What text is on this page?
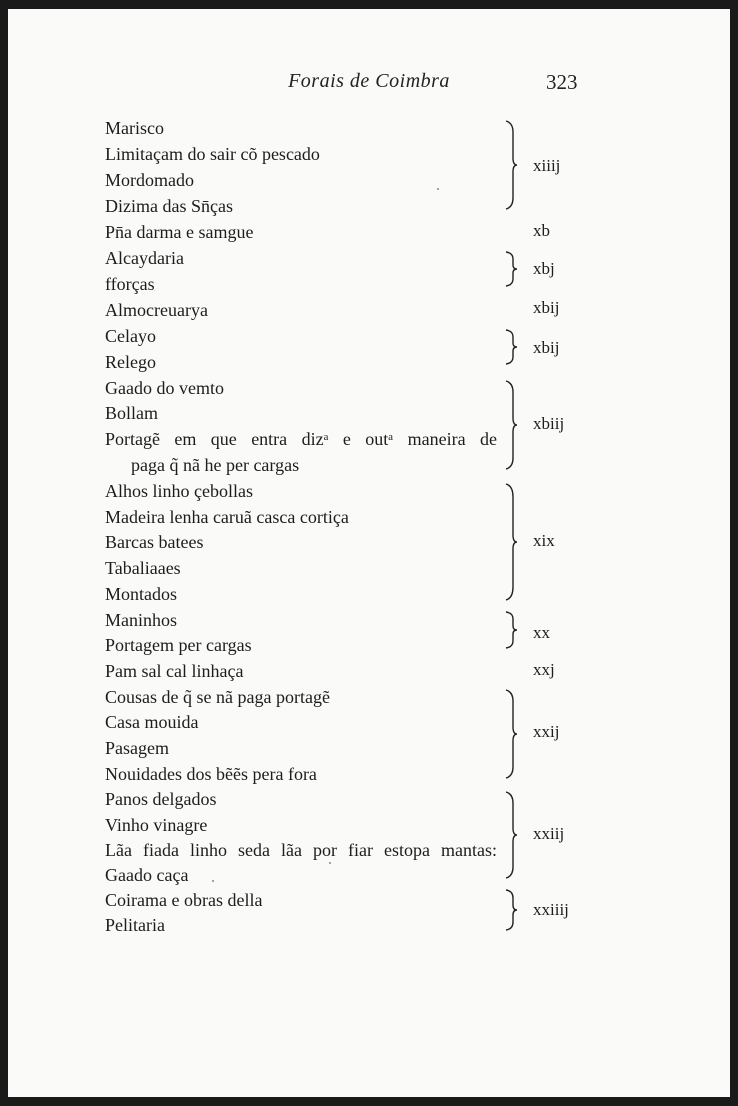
Forais de Coimbra	323
Marisco
Limitaçam do sair cõ pescado
Mordomado
Dizima das Sn̄ças
Pn̄a darma e samgue
Alcaydaria
fforças
Almocreuarya
Celayo
Relego
Gaado do vemto
Bollam
Portagẽ em que entra dizᵃ e outᵃ maneira de
paga q̃ nã he per cargas
Alhos linho çebollas
Madeira lenha caruã casca cortiça
Barcas batees
Tabaliaaes
Montados
Maninhos
Portagem per cargas
Pam sal cal linhaça
Cousas de q̃ se nã paga portagẽ
Casa mouida
Pasagem
Nouidades dos bẽẽs pera fora
Panos delgados
Vinho vinagre
Lãa fiada linho seda lãa por fiar estopa mantas:
Gaado caça
Coirama e obras della
Pelitaria
xiiij
xb
xbj
xbij
xbij
xbiij
xix
xx
xxj
xxij
xxiij
xxiiij
